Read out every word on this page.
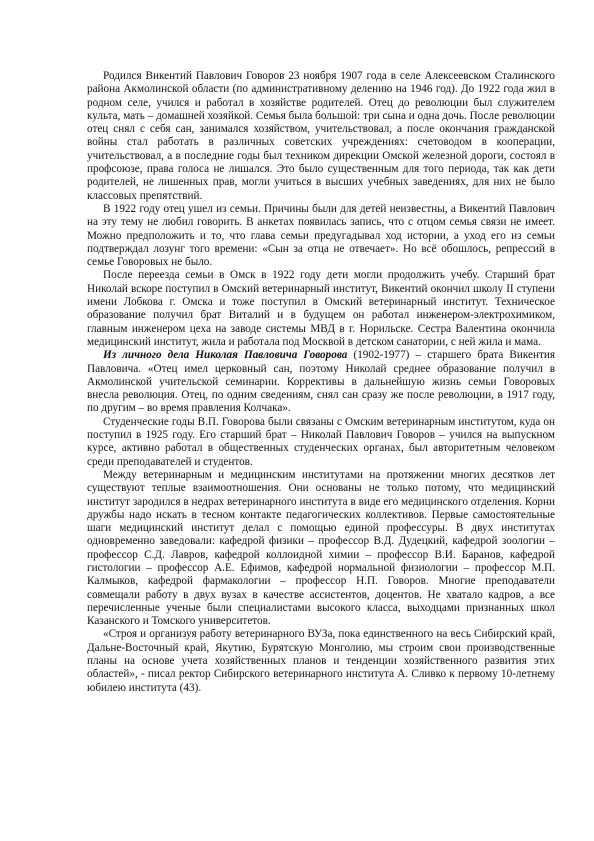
Родился Викентий Павлович Говоров 23 ноября 1907 года в селе Алексеевском Сталинского района Акмолинской области (по административному делению на 1946 год). До 1922 года жил в родном селе, учился и работал в хозяйстве родителей. Отец до революции был служителем культа, мать – домашней хозяйкой. Семья была большой: три сына и одна дочь. После революции отец снял с себя сан, занимался хозяйством, учительствовал, а после окончания гражданской войны стал работать в различных советских учреждениях: счетоводом в кооперации, учительствовал, а в последние годы был техником дирекции Омской железной дороги, состоял в профсоюзе, права голоса не лишался. Это было существенным для того периода, так как дети родителей, не лишенных прав, могли учиться в высших учебных заведениях, для них не было классовых препятствий.

В 1922 году отец ушел из семьи. Причины были для детей неизвестны, а Викентий Павлович на эту тему не любил говорить. В анкетах появилась запись, что с отцом семья связи не имеет. Можно предположить и то, что глава семьи предугадывал ход истории, а уход его из семьи подтверждал лозунг того времени: «Сын за отца не отвечает». Но всё обошлось, репрессий в семье Говоровых не было.

После переезда семьи в Омск в 1922 году дети могли продолжить учебу. Старший брат Николай вскоре поступил в Омский ветеринарный институт, Викентий окончил школу II ступени имени Лобкова г. Омска и тоже поступил в Омский ветеринарный институт. Техническое образование получил брат Виталий и в будущем он работал инженером-электрохимиком, главным инженером цеха на заводе системы МВД в г. Норильске. Сестра Валентина окончила медицинский институт, жила и работала под Москвой в детском санатории, с ней жила и мама.

Из личного дела Николая Павловича Говорова (1902-1977) – старшего брата Викентия Павловича. «Отец имел церковный сан, поэтому Николай среднее образование получил в Акмолинской учительской семинарии. Коррективы в дальнейшую жизнь семьи Говоровых внесла революция. Отец, по одним сведениям, снял сан сразу же после революции, в 1917 году, по другим – во время правления Колчака».

Студенческие годы В.П. Говорова были связаны с Омским ветеринарным институтом, куда он поступил в 1925 году. Его старший брат – Николай Павлович Говоров – учился на выпускном курсе, активно работал в общественных студенческих органах, был авторитетным человеком среди преподавателей и студентов.

Между ветеринарным и медицинским институтами на протяжении многих десятков лет существуют теплые взаимоотношения. Они основаны не только потому, что медицинский институт зародился в недрах ветеринарного института в виде его медицинского отделения. Корни дружбы надо искать в тесном контакте педагогических коллективов. Первые самостоятельные шаги медицинский институт делал с помощью единой профессуры. В двух институтах одновременно заведовали: кафедрой физики – профессор В.Д. Дудецкий, кафедрой зоологии – профессор С.Д. Лавров, кафедрой коллоидной химии – профессор В.И. Баранов, кафедрой гистологии – профессор А.Е. Ефимов, кафедрой нормальной физиологии – профессор М.П. Калмыков, кафедрой фармакологии – профессор Н.П. Говоров. Многие преподаватели совмещали работу в двух вузах в качестве ассистентов, доцентов. Не хватало кадров, а все перечисленные ученые были специалистами высокого класса, выходцами признанных школ Казанского и Томского университетов.

«Строя и организуя работу ветеринарного ВУЗа, пока единственного на весь Сибирский край, Дальне-Восточный край, Якутию, Бурятскую Монголию, мы строим свои производственные планы на основе учета хозяйственных планов и тенденции хозяйственного развития этих областей», - писал ректор Сибирского ветеринарного института А. Сливко к первому 10-летнему юбилею института (43).
